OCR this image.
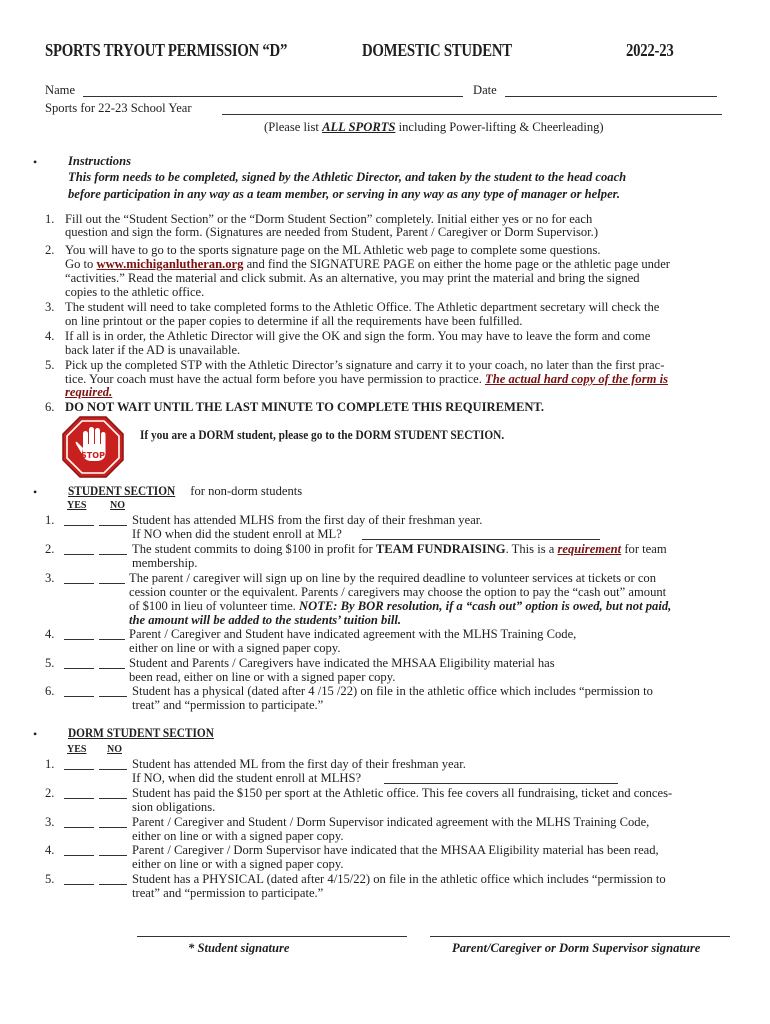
SPORTS TRYOUT PERMISSION “D”	DOMESTIC STUDENT	2022-23
Name	Date
Sports for 22-23 School Year
(Please list ALL SPORTS including Power-lifting & Cheerleading)
• Instructions
This form needs to be completed, signed by the Athletic Director, and taken by the student to the head coach
before participation in any way as a team member, or serving in any way as any type of manager or helper.
1. Fill out the “Student Section” or the “Dorm Student Section” completely. Initial either yes or no for each
question and sign the form. (Signatures are needed from Student, Parent / Caregiver or Dorm Supervisor.)
2. You will have to go to the sports signature page on the ML Athletic web page to complete some questions.
Go to www.michiganlutheran.org and find the SIGNATURE PAGE on either the home page or the athletic page under
“activities.” Read the material and click submit. As an alternative, you may print the material and bring the signed
copies to the athletic office.
3. The student will need to take completed forms to the Athletic Office. The Athletic department secretary will check the
on line printout or the paper copies to determine if all the requirements have been fulfilled.
4. If all is in order, the Athletic Director will give the OK and sign the form. You may have to leave the form and come
back later if the AD is unavailable.
5. Pick up the completed STP with the Athletic Director’s signature and carry it to your coach, no later than the first prac-
tice. Your coach must have the actual form before you have permission to practice. The actual hard copy of the form is
required.
6. DO NOT WAIT UNTIL THE LAST MINUTE TO COMPLETE THIS REQUIREMENT.
STOP
If you are a DORM student, please go to the DORM STUDENT SECTION.
• STUDENT SECTION for non-dorm students
YES NO
1.	Student has attended MLHS from the first day of their freshman year.
If NO when did the student enroll at ML?
2.	The student commits to doing $100 in profit for TEAM FUNDRAISING. This is a requirement for team
membership.
3.	The parent / caregiver will sign up on line by the required deadline to volunteer services at tickets or con
cession counter or the equivalent. Parents / caregivers may choose the option to pay the “cash out” amount
of $100 in lieu of volunteer time. NOTE: By BOR resolution, if a “cash out” option is owed, but not paid,
the amount will be added to the students’ tuition bill.
4.	Parent / Caregiver and Student have indicated agreement with the MLHS Training Code,
either on line or with a signed paper copy.
5.	Student and Parents / Caregivers have indicated the MHSAA Eligibility material has
been read, either on line or with a signed paper copy.
6.	Student has a physical (dated after 4 /15 /22) on file in the athletic office which includes “permission to
treat” and “permission to participate.”
• DORM STUDENT SECTION
YES NO
1.	Student has attended ML from the first day of their freshman year.
If NO, when did the student enroll at MLHS?
2.	Student has paid the $150 per sport at the Athletic office. This fee covers all fundraising, ticket and conces-
sion obligations.
3.	Parent / Caregiver and Student / Dorm Supervisor indicated agreement with the MLHS Training Code,
either on line or with a signed paper copy.
4.	Parent / Caregiver / Dorm Supervisor have indicated that the MHSAA Eligibility material has been read,
either on line or with a signed paper copy.
5.	Student has a PHYSICAL (dated after 4/15/22) on file in the athletic office which includes “permission to
treat” and “permission to participate.”
* Student signature	Parent/Caregiver or Dorm Supervisor signature
